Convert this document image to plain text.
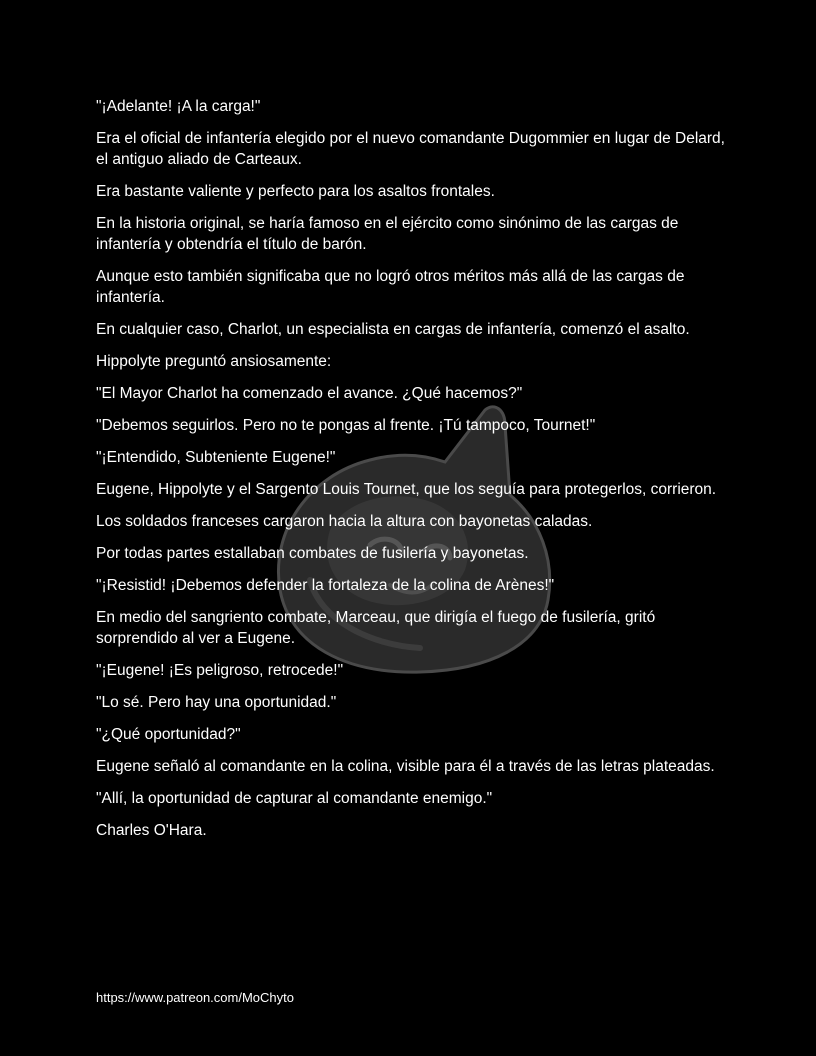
"¡Adelante! ¡A la carga!"

Era el oficial de infantería elegido por el nuevo comandante Dugommier en lugar de Delard, el antiguo aliado de Carteaux.

Era bastante valiente y perfecto para los asaltos frontales.

En la historia original, se haría famoso en el ejército como sinónimo de las cargas de infantería y obtendría el título de barón.

Aunque esto también significaba que no logró otros méritos más allá de las cargas de infantería.

En cualquier caso, Charlot, un especialista en cargas de infantería, comenzó el asalto.

Hippolyte preguntó ansiosamente:

"El Mayor Charlot ha comenzado el avance. ¿Qué hacemos?"

"Debemos seguirlos. Pero no te pongas al frente. ¡Tú tampoco, Tournet!"

"¡Entendido, Subteniente Eugene!"

Eugene, Hippolyte y el Sargento Louis Tournet, que los seguía para protegerlos, corrieron.

Los soldados franceses cargaron hacia la altura con bayonetas caladas.

Por todas partes estallaban combates de fusilería y bayonetas.

"¡Resistid! ¡Debemos defender la fortaleza de la colina de Arènes!"

En medio del sangriento combate, Marceau, que dirigía el fuego de fusilería, gritó sorprendido al ver a Eugene.

"¡Eugene! ¡Es peligroso, retrocede!"

"Lo sé. Pero hay una oportunidad."

"¿Qué oportunidad?"

Eugene señaló al comandante en la colina, visible para él a través de las letras plateadas.

"Allí, la oportunidad de capturar al comandante enemigo."

Charles O'Hara.

https://www.patreon.com/MoChyto
